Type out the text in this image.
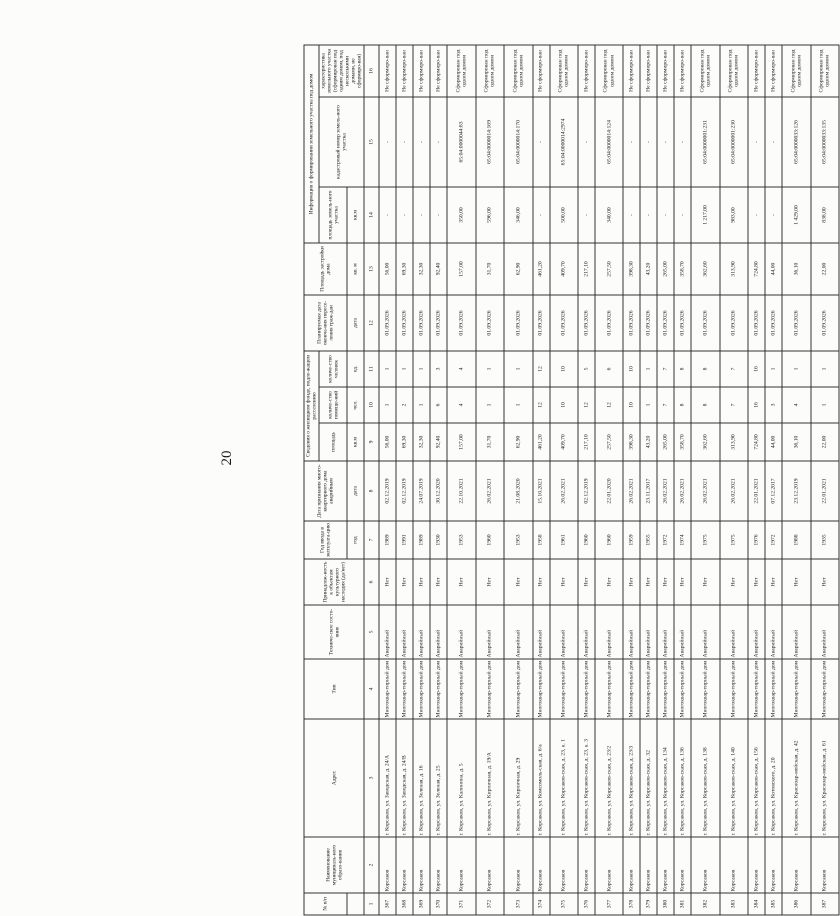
20
№ п/п	Наименование муниципаль-ного образо-вания	Адрес	Тип	Техниче-ское состо-яние	Принадлеж-ность к объектам культурного наследия (да/нет)	Год ввода в эксплуата-цию	Дата признания много-квартирного дома аварийным	Сведения о жилищном фонде, подле-жащем расселению			Планируемая дата оконча-ния пересе-ления граж-дан	Площадь застройки дома	Информация о формировании земельного участка под домом		
								площадь	количе-ство помеще-ний	количе-ство человек			площадь земель-ного участка	кадастровый номер земель-ного участка	характеристика земельного участка (сформирован под одним домом, под несколькими домами, не сформиро-ван)
						год	дата	кв.м	чел.	ед.	дата	кв. м	кв.м		
1	2	3	4	5	6	7	8	9	10	11	12	13	14	15	16
367	Корсаков	г. Корсаков, ул. Заводская, д. 24/А	Многоквар-тирный дом	Аварийный	Нет	1989	02.12.2019	56,00	1	1	01.09.2026	56,00	-	-	Не сформиро-ван
368	Корсаков	г. Корсаков, ул. Заводская, д. 24/В	Многоквар-тирный дом	Аварийный	Нет	1991	02.12.2019	69,30	2	1	01.09.2026	69,30	-	-	Не сформиро-ван
369	Корсаков	г. Корсаков, ул. Зеленая, д. 16	Многоквар-тирный дом	Аварийный	Нет	1989	24.07.2019	32,30	1	1	01.09.2026	32,30	-	-	Не сформиро-ван
370	Корсаков	г. Корсаков, ул. Зеленая, д. 25	Многоквар-тирный дом	Аварийный	Нет	1930	30.12.2020	92,40	6	3	01.09.2026	92,40	-	-	Не сформиро-ван
371	Корсаков	г. Корсаков, ул. Калинина, д. 5	Многоквар-тирный дом	Аварийный	Нет	1953	22.10.2021	157,00	4	4	01.09.2026	157,00	350,00	65:04:0000044:83	Сформирован под одним домом
372	Корсаков	г. Корсаков, ул. Кирпичная, д. 19/А	Многоквар-тирный дом	Аварийный	Нет	1960	26.02.2021	31,70	1	1	01.09.2026	31,70	596,00	65:04:0000014:169	Сформирован под одним домом
373	Корсаков	г. Корсаков, ул. Кирпичная, д. 29	Многоквар-тирный дом	Аварийный	Нет	1953	21.08.2020	62,90	1	1	01.09.2026	62,90	346,00	65:04:0000014:170	Сформирован под одним домом
374	Корсаков	г. Корсаков, ул. Комсомоль-ская, д. 6/а	Многоквар-тирный дом	Аварийный	Нет	1958	15.10.2021	461,20	12	12	01.09.2026	461,20	-	-	Не сформиро-ван
375	Корсаков	г. Корсаков, ул. Корсаков-ская, д. 23, к. 1	Многоквар-тирный дом	Аварийный	Нет	1961	26.02.2021	409,70	10	10	01.09.2026	409,70	500,00	65:04:0000014:2974	Сформирован под одним домом
376	Корсаков	г. Корсаков, ул. Корсаков-ская, д. 23, к. 3	Многоквар-тирный дом	Аварийный	Нет	1960	02.12.2019	217,10	12	5	01.09.2026	217,10	-	-	Не сформиро-ван
377	Корсаков	г. Корсаков, ул. Корсаков-ская, д. 23/2	Многоквар-тирный дом	Аварийный	Нет	1960	22.01.2020	257,50	12	6	01.09.2026	257,50	340,00	65:04:0000014:124	Сформирован под одним домом
378	Корсаков	г. Корсаков, ул. Корсаков-ская, д. 23/3	Многоквар-тирный дом	Аварийный	Нет	1959	26.02.2021	398,30	10	10	01.09.2026	398,30	-	-	Не сформиро-ван
379	Корсаков	г. Корсаков, ул. Корсаков-ская, д. 32	Многоквар-тирный дом	Аварийный	Нет	1955	23.11.2017	43,20	1	1	01.09.2026	43,20	-	-	Не сформиро-ван
380	Корсаков	г. Корсаков, ул. Корсаков-ская, д. 134	Многоквар-тирный дом	Аварийный	Нет	1972	26.02.2021	265,00	7	7	01.09.2026	265,00	-	-	Не сформиро-ван
381	Корсаков	г. Корсаков, ул. Корсаков-ская, д. 136	Многоквар-тирный дом	Аварийный	Нет	1974	26.02.2021	358,70	8	8	01.09.2026	358,70	-	-	Не сформиро-ван
382	Корсаков	г. Корсаков, ул. Корсаков-ская, д. 138	Многоквар-тирный дом	Аварийный	Нет	1975	26.02.2021	362,60	8	8	01.09.2026	362,60	1 217,00	65:04:0000001:231	Сформирован под одним домом
383	Корсаков	г. Корсаков, ул. Корсаков-ская, д. 140	Многоквар-тирный дом	Аварийный	Нет	1975	26.02.2021	313,90	7	7	01.09.2026	313,90	983,00	65:04:0000001:230	Сформирован под одним домом
384	Корсаков	г. Корсаков, ул. Корсаков-ская, д. 156	Многоквар-тирный дом	Аварийный	Нет	1976	22.01.2021	724,80	16	16	01.09.2026	724,80	-	-	Не сформиро-ван
385	Корсаков	г. Корсаков, ул. Котовского, д. 20	Многоквар-тирный дом	Аварийный	Нет	1972	07.12.2017	44,00	3	1	01.09.2026	44,00	-	-	Не сформиро-ван
386	Корсаков	г. Корсаков, ул. Красноар-мейская, д. 42	Многоквар-тирный дом	Аварийный	Нет	1988	23.12.2019	36,10	4	1	01.09.2026	36,10	1 429,00	65:04:0000033:126	Сформирован под одним домом
387	Корсаков	г. Корсаков, ул. Красноар-мейская, д. 61	Многоквар-тирный дом	Аварийный	Нет	1935	22.01.2021	22,00	1	1	01.09.2026	22,00	838,00	65:04:0000033:135	Сформирован под одним домом
